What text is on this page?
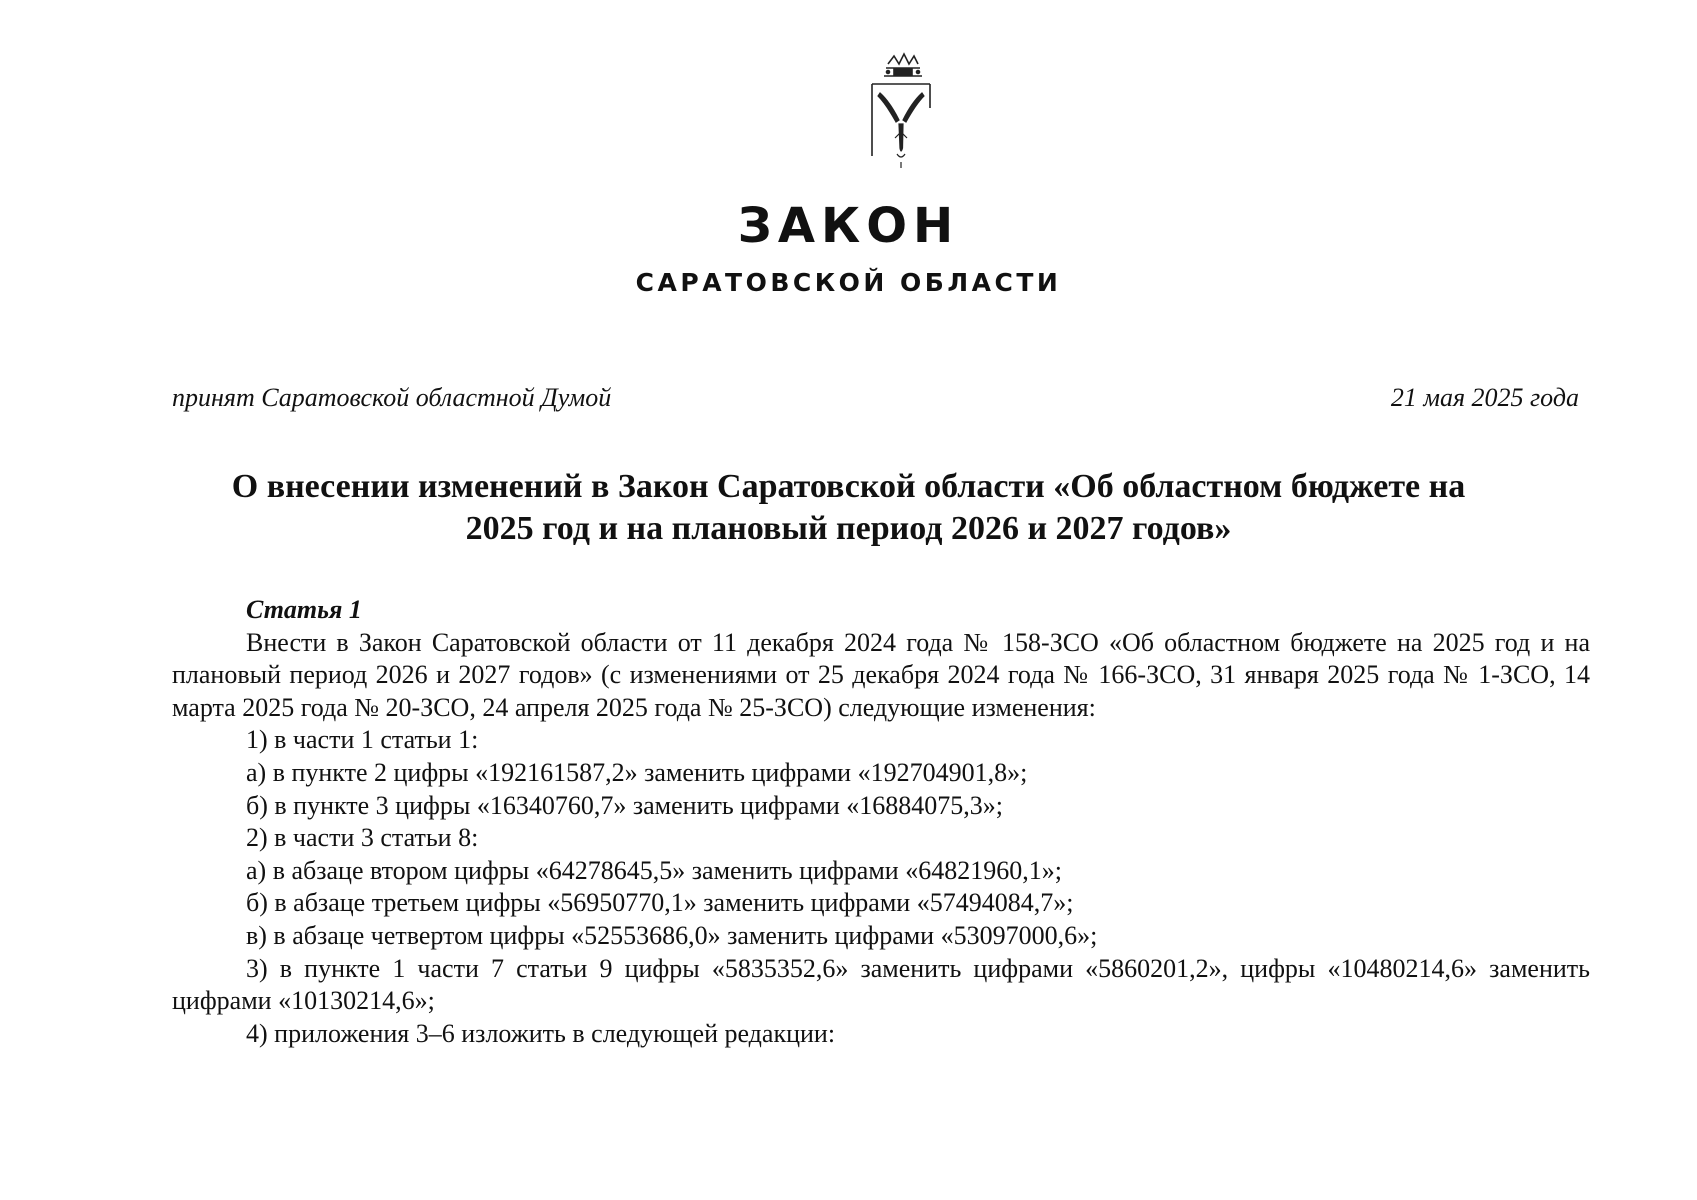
ЗАКОН
САРАТОВСКОЙ ОБЛАСТИ
принят Саратовской областной Думой	21 мая 2025 года
О внесении изменений в Закон Саратовской области «Об областном бюджете на
2025 год и на плановый период 2026 и 2027 годов»
Статья 1
Внести в Закон Саратовской области от 11 декабря 2024 года № 158-ЗСО «Об областном бюджете на 2025 год и на плановый период 2026 и 2027 годов» (с изменениями от 25 декабря 2024 года № 166-ЗСО, 31 января 2025 года № 1-ЗСО, 14 марта 2025 года № 20-ЗСО, 24 апреля 2025 года № 25-ЗСО) следующие изменения:
1) в части 1 статьи 1:
а) в пункте 2 цифры «192161587,2» заменить цифрами «192704901,8»;
б) в пункте 3 цифры «16340760,7» заменить цифрами «16884075,3»;
2) в части 3 статьи 8:
а) в абзаце втором цифры «64278645,5» заменить цифрами «64821960,1»;
б) в абзаце третьем цифры «56950770,1» заменить цифрами «57494084,7»;
в) в абзаце четвертом цифры «52553686,0» заменить цифрами «53097000,6»;
3) в пункте 1 части 7 статьи 9 цифры «5835352,6» заменить цифрами «5860201,2», цифры «10480214,6» заменить цифрами «10130214,6»;
4) приложения 3–6 изложить в следующей редакции:
